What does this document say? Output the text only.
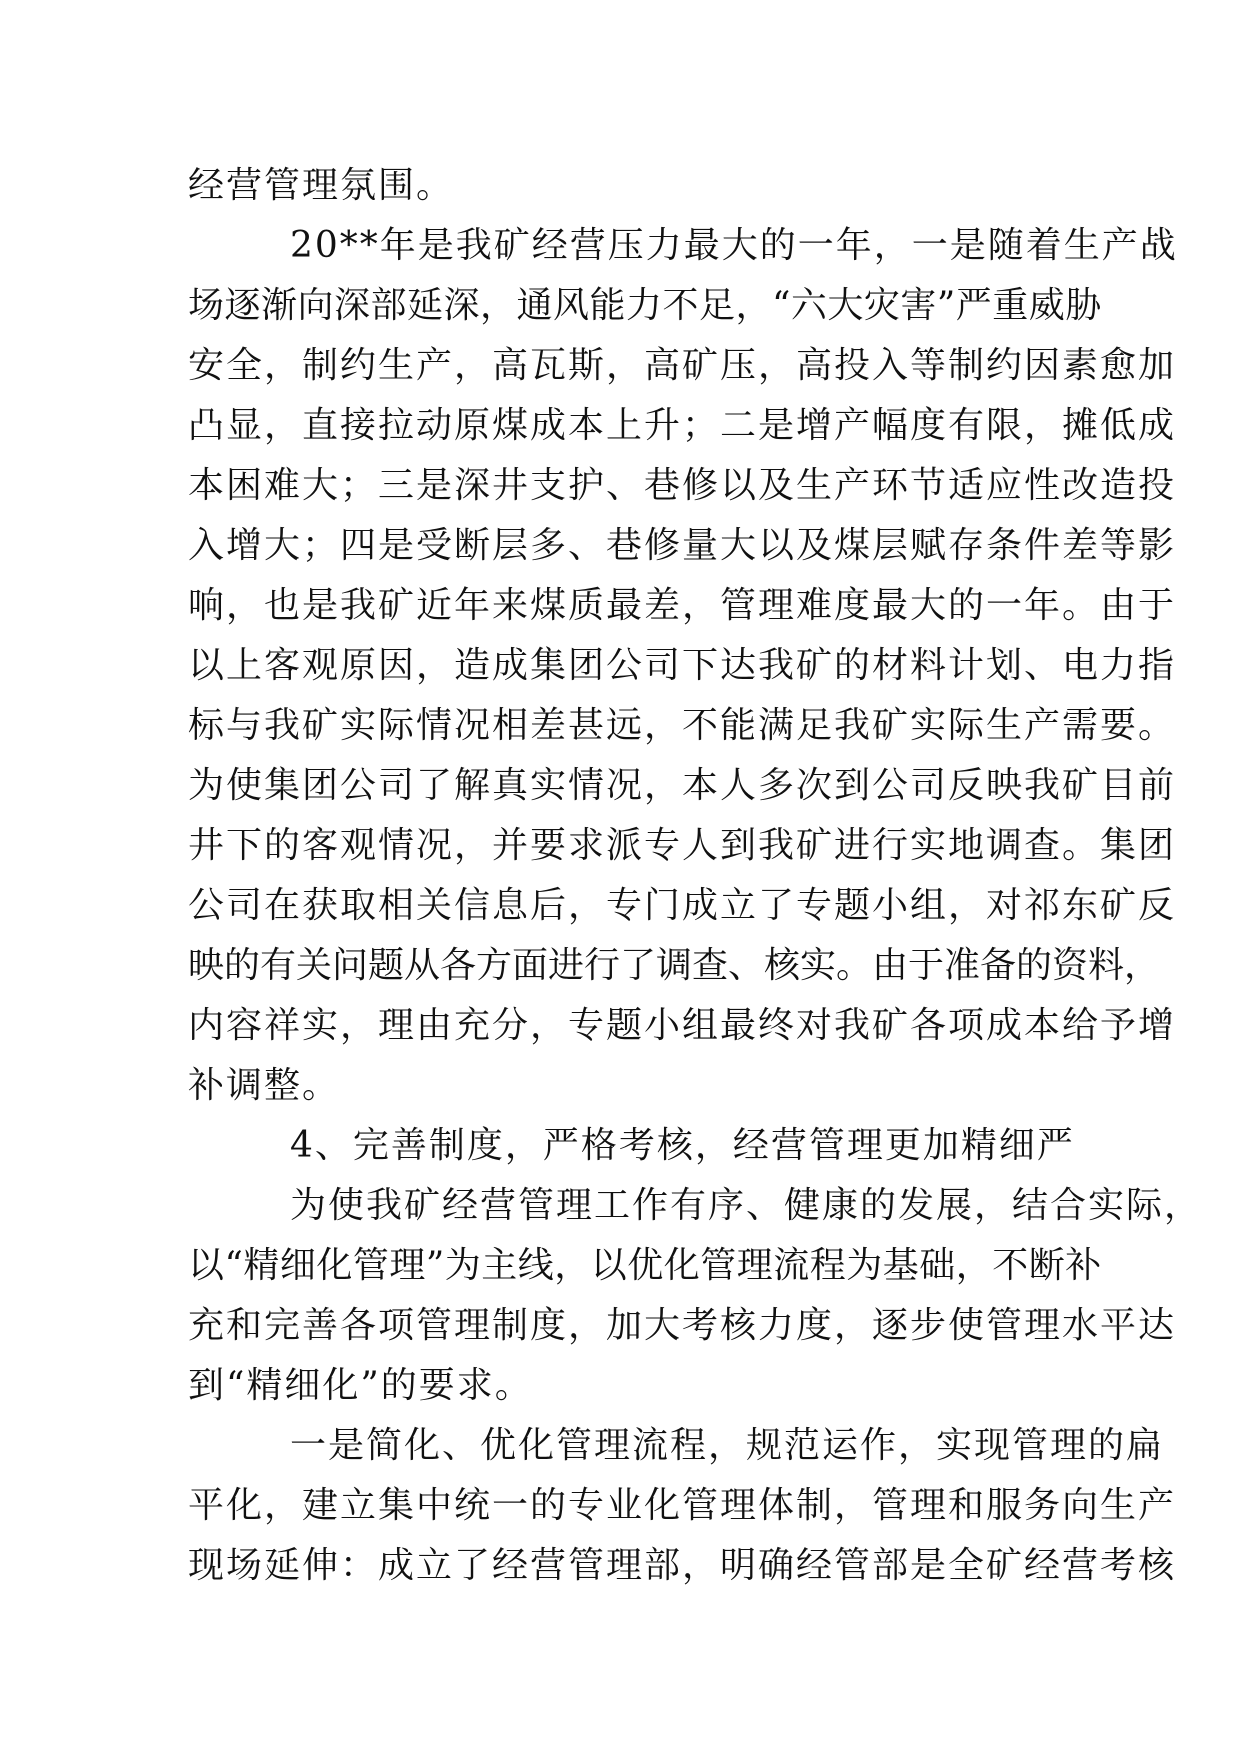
经营管理氛围。
20**年是我矿经营压力最大的一年，一是随着生产战
场逐渐向深部延深，通风能力不足，“六大灾害”严重威胁
安全，制约生产，高瓦斯，高矿压，高投入等制约因素愈加
凸显，直接拉动原煤成本上升；二是增产幅度有限，摊低成
本困难大；三是深井支护、巷修以及生产环节适应性改造投
入增大；四是受断层多、巷修量大以及煤层赋存条件差等影
响，也是我矿近年来煤质最差，管理难度最大的一年。由于
以上客观原因，造成集团公司下达我矿的材料计划、电力指
标与我矿实际情况相差甚远，不能满足我矿实际生产需要。
为使集团公司了解真实情况，本人多次到公司反映我矿目前
井下的客观情况，并要求派专人到我矿进行实地调查。集团
公司在获取相关信息后，专门成立了专题小组，对祁东矿反
映的有关问题从各方面进行了调查、核实。由于准备的资料，
内容祥实，理由充分，专题小组最终对我矿各项成本给予增
补调整。
4、完善制度，严格考核，经营管理更加精细严
为使我矿经营管理工作有序、健康的发展，结合实际，
以“精细化管理”为主线，以优化管理流程为基础，不断补
充和完善各项管理制度，加大考核力度，逐步使管理水平达
到“精细化”的要求。
一是简化、优化管理流程，规范运作，实现管理的扁
平化，建立集中统一的专业化管理体制，管理和服务向生产
现场延伸：成立了经营管理部，明确经管部是全矿经营考核
